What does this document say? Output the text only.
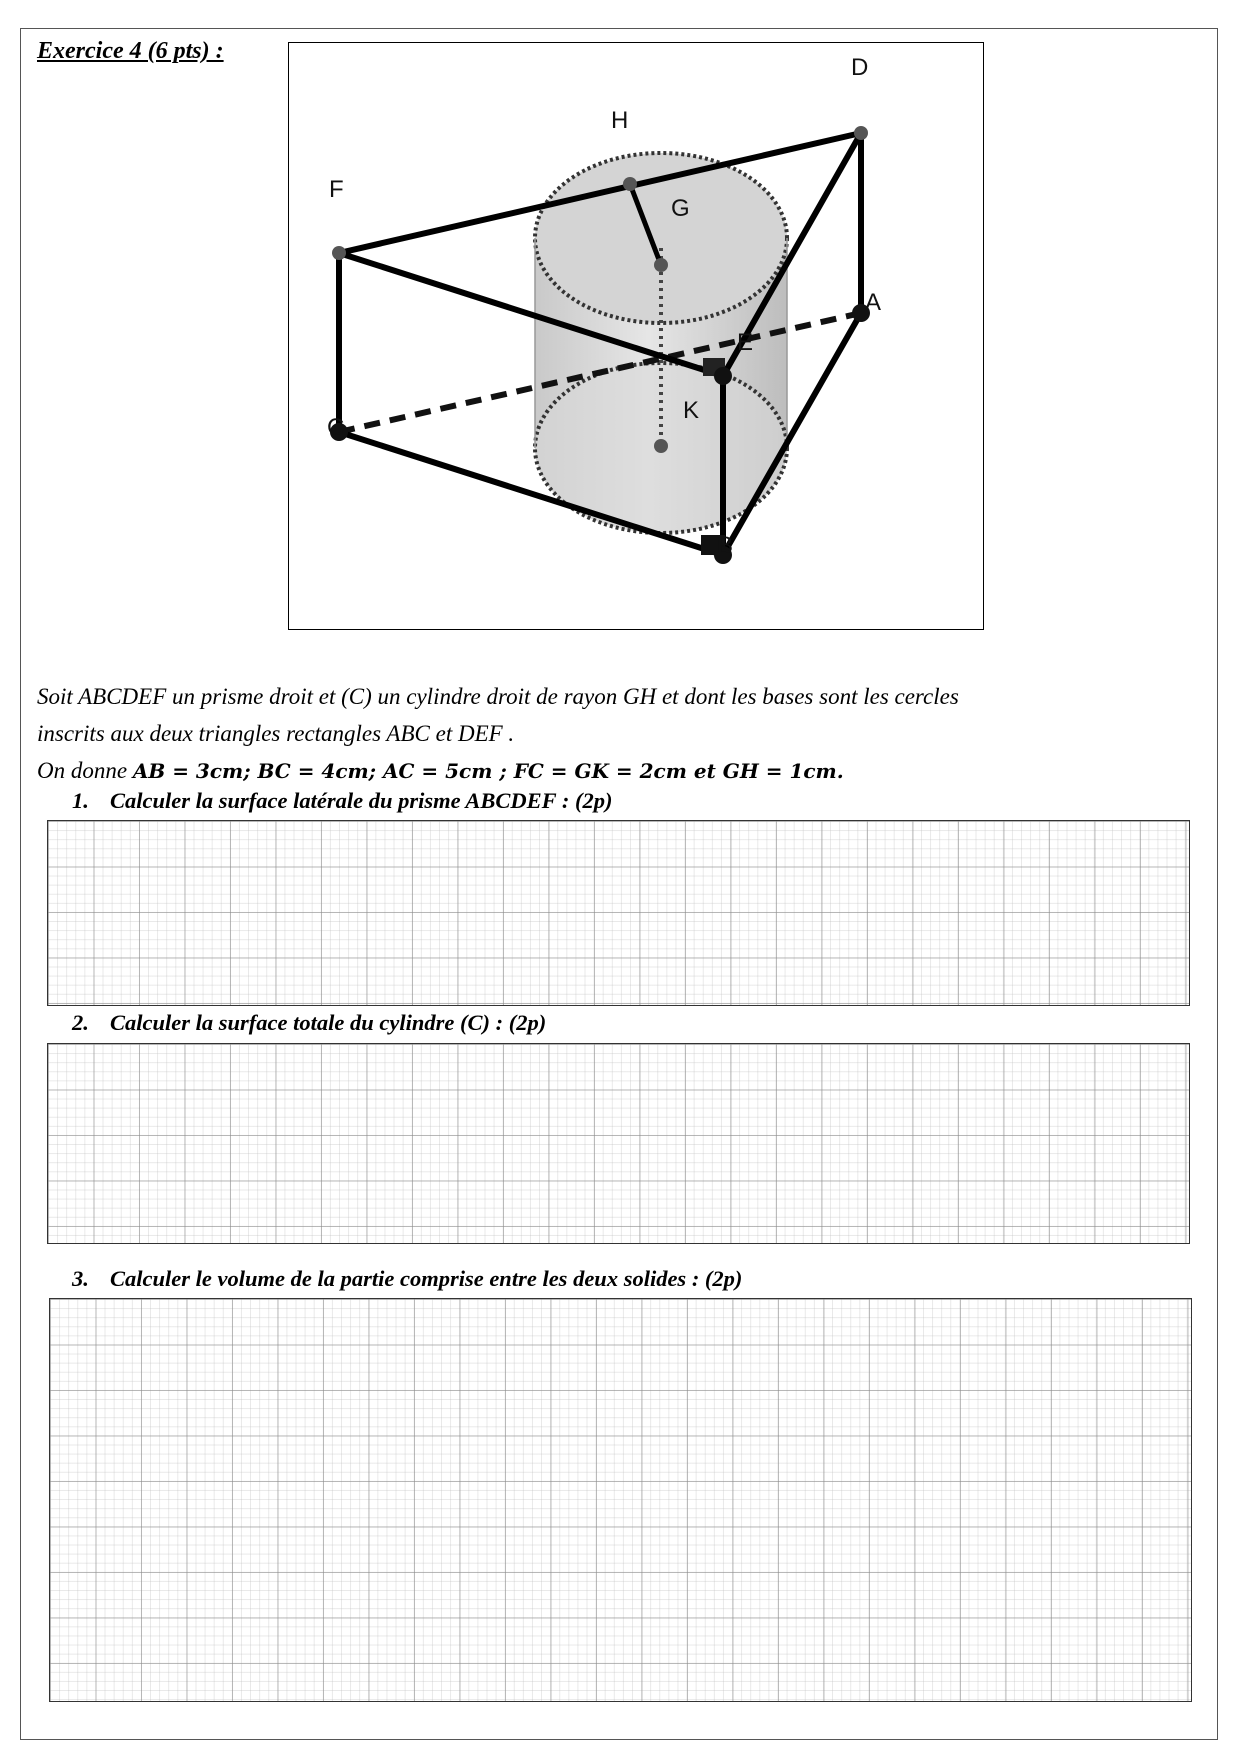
Exercice 4 (6 pts) :
D
H
F
G
A
E
K
C
B

Soit ABCDEF un prisme droit et (C) un cylindre droit de rayon GH et dont les bases sont les cercles

inscrits aux deux triangles rectangles ABC et DEF .

On donne AB = 3cm; BC = 4cm; AC = 5cm ; FC = GK = 2cm et GH = 1cm.

1. Calculer la surface latérale du prisme ABCDEF : (2p)
2. Calculer la surface totale du cylindre (C) : (2p)
3. Calculer le volume de la partie comprise entre les deux solides : (2p)
